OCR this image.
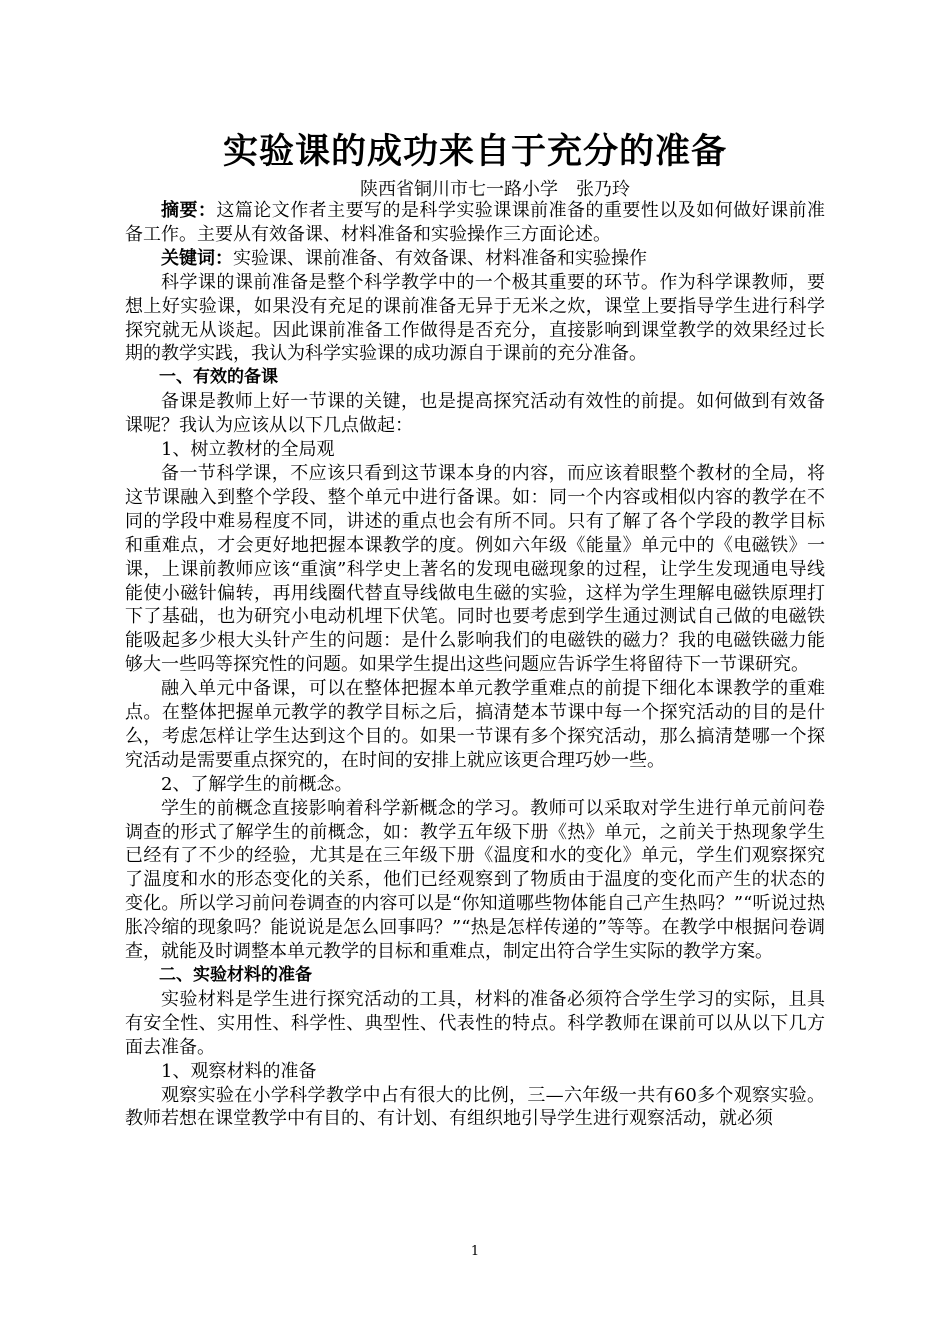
实验课的成功来自于充分的准备
陕西省铜川市七一路小学　张乃玲

摘要：这篇论文作者主要写的是科学实验课课前准备的重要性以及如何做好课前准备工作。主要从有效备课、材料准备和实验操作三方面论述。

关键词：实验课、课前准备、有效备课、材料准备和实验操作

科学课的课前准备是整个科学教学中的一个极其重要的环节。作为科学课教师，要想上好实验课，如果没有充足的课前准备无异于无米之炊，课堂上要指导学生进行科学探究就无从谈起。因此课前准备工作做得是否充分，直接影响到课堂教学的效果经过长期的教学实践，我认为科学实验课的成功源自于课前的充分准备。

一、有效的备课

备课是教师上好一节课的关键，也是提高探究活动有效性的前提。如何做到有效备课呢？我认为应该从以下几点做起：

1、树立教材的全局观

备一节科学课，不应该只看到这节课本身的内容，而应该着眼整个教材的全局，将这节课融入到整个学段、整个单元中进行备课。如：同一个内容或相似内容的教学在不同的学段中难易程度不同，讲述的重点也会有所不同。只有了解了各个学段的教学目标和重难点，才会更好地把握本课教学的度。例如六年级《能量》单元中的《电磁铁》一课，上课前教师应该“重演”科学史上著名的发现电磁现象的过程，让学生发现通电导线能使小磁针偏转，再用线圈代替直导线做电生磁的实验，这样为学生理解电磁铁原理打下了基础，也为研究小电动机埋下伏笔。同时也要考虑到学生通过测试自己做的电磁铁能吸起多少根大头针产生的问题：是什么影响我们的电磁铁的磁力？我的电磁铁磁力能够大一些吗等探究性的问题。如果学生提出这些问题应告诉学生将留待下一节课研究。

融入单元中备课，可以在整体把握本单元教学重难点的前提下细化本课教学的重难点。在整体把握单元教学的教学目标之后，搞清楚本节课中每一个探究活动的目的是什么，考虑怎样让学生达到这个目的。如果一节课有多个探究活动，那么搞清楚哪一个探究活动是需要重点探究的，在时间的安排上就应该更合理巧妙一些。

2、了解学生的前概念。

学生的前概念直接影响着科学新概念的学习。教师可以采取对学生进行单元前问卷调查的形式了解学生的前概念，如：教学五年级下册《热》单元，之前关于热现象学生已经有了不少的经验，尤其是在三年级下册《温度和水的变化》单元，学生们观察探究了温度和水的形态变化的关系，他们已经观察到了物质由于温度的变化而产生的状态的变化。所以学习前问卷调查的内容可以是“你知道哪些物体能自己产生热吗？”“听说过热胀冷缩的现象吗？能说说是怎么回事吗？”“热是怎样传递的”等等。在教学中根据问卷调查，就能及时调整本单元教学的目标和重难点，制定出符合学生实际的教学方案。

二、实验材料的准备

实验材料是学生进行探究活动的工具，材料的准备必须符合学生学习的实际，且具有安全性、实用性、科学性、典型性、代表性的特点。科学教师在课前可以从以下几方面去准备。

1、观察材料的准备

观察实验在小学科学教学中占有很大的比例，三—六年级一共有60多个观察实验。教师若想在课堂教学中有目的、有计划、有组织地引导学生进行观察活动，就必须

1
